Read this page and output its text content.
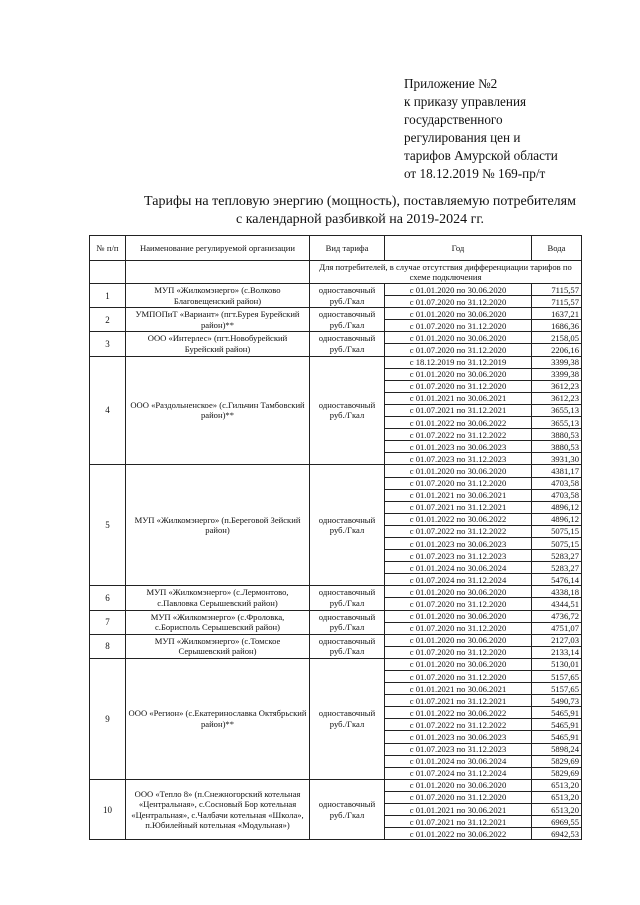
Приложение №2
к приказу управления
государственного
регулирования цен и
тарифов Амурской области
от 18.12.2019 № 169-пр/т
Тарифы на тепловую энергию (мощность), поставляемую потребителям
с календарной разбивкой на 2019-2024 гг.
№ п/п	Наименование регулируемой организации	Вид тарифа	Год	Вода
		Для потребителей, в случае отсутствия дифференциации тарифов по схеме подключения		
1	МУП «Жилкомэнерго» (с.Волково Благовещенский район)	одноставочный руб./Гкал	с 01.01.2020 по 30.06.2020	7115,57
			с 01.07.2020 по 31.12.2020	7115,57
2	УМПОПиТ «Вариант» (пгт.Бурея Бурейский район)**	одноставочный руб./Гкал	с 01.01.2020 по 30.06.2020	1637,21
			с 01.07.2020 по 31.12.2020	1686,36
3	ООО «Интерлес» (пгт.Новобурейский Бурейский район)	одноставочный руб./Гкал	с 01.01.2020 по 30.06.2020	2158,05
			с 01.07.2020 по 31.12.2020	2206,16
4	ООО «Раздольненское» (с.Гильчин Тамбовский район)**	одноставочный руб./Гкал	с 18.12.2019 по 31.12.2019	3399,38
			с 01.01.2020 по 30.06.2020	3399,38
			с 01.07.2020 по 31.12.2020	3612,23
			с 01.01.2021 по 30.06.2021	3612,23
			с 01.07.2021 по 31.12.2021	3655,13
			с 01.01.2022 по 30.06.2022	3655,13
			с 01.07.2022 по 31.12.2022	3880,53
			с 01.01.2023 по 30.06.2023	3880,53
			с 01.07.2023 по 31.12.2023	3931,30
5	МУП «Жилкомэнерго» (п.Береговой Зейский район)	одноставочный руб./Гкал	с 01.01.2020 по 30.06.2020	4381,17
			с 01.07.2020 по 31.12.2020	4703,58
			с 01.01.2021 по 30.06.2021	4703,58
			с 01.07.2021 по 31.12.2021	4896,12
			с 01.01.2022 по 30.06.2022	4896,12
			с 01.07.2022 по 31.12.2022	5075,15
			с 01.01.2023 по 30.06.2023	5075,15
			с 01.07.2023 по 31.12.2023	5283,27
			с 01.01.2024 по 30.06.2024	5283,27
			с 01.07.2024 по 31.12.2024	5476,14
6	МУП «Жилкомэнерго» (с.Лермонтово, с.Павловка Серышевский район)	одноставочный руб./Гкал	с 01.01.2020 по 30.06.2020	4338,18
			с 01.07.2020 по 31.12.2020	4344,51
7	МУП «Жилкомэнерго» (с.Фроловка, с.Борисполь Серышевский район)	одноставочный руб./Гкал	с 01.01.2020 по 30.06.2020	4736,72
			с 01.07.2020 по 31.12.2020	4751,07
8	МУП «Жилкомэнерго» (с.Томское Серышевский район)	одноставочный руб./Гкал	с 01.01.2020 по 30.06.2020	2127,03
			с 01.07.2020 по 31.12.2020	2133,14
9	ООО «Регион» (с.Екатеринославка Октябрьский район)**	одноставочный руб./Гкал	с 01.01.2020 по 30.06.2020	5130,01
			с 01.07.2020 по 31.12.2020	5157,65
			с 01.01.2021 по 30.06.2021	5157,65
			с 01.07.2021 по 31.12.2021	5490,73
			с 01.01.2022 по 30.06.2022	5465,91
			с 01.07.2022 по 31.12.2022	5465,91
			с 01.01.2023 по 30.06.2023	5465,91
			с 01.07.2023 по 31.12.2023	5898,24
			с 01.01.2024 по 30.06.2024	5829,69
			с 01.07.2024 по 31.12.2024	5829,69
10	ООО «Тепло 8» (п.Снежногорский котельная «Центральная», с.Сосновый Бор котельная «Центральная», с.Чалбачи котельная «Школа», п.Юбилейный котельная «Модульная»)	одноставочный руб./Гкал	с 01.01.2020 по 30.06.2020	6513,20
			с 01.07.2020 по 31.12.2020	6513,20
			с 01.01.2021 по 30.06.2021	6513,20
			с 01.07.2021 по 31.12.2021	6969,55
			с 01.01.2022 по 30.06.2022	6942,53
